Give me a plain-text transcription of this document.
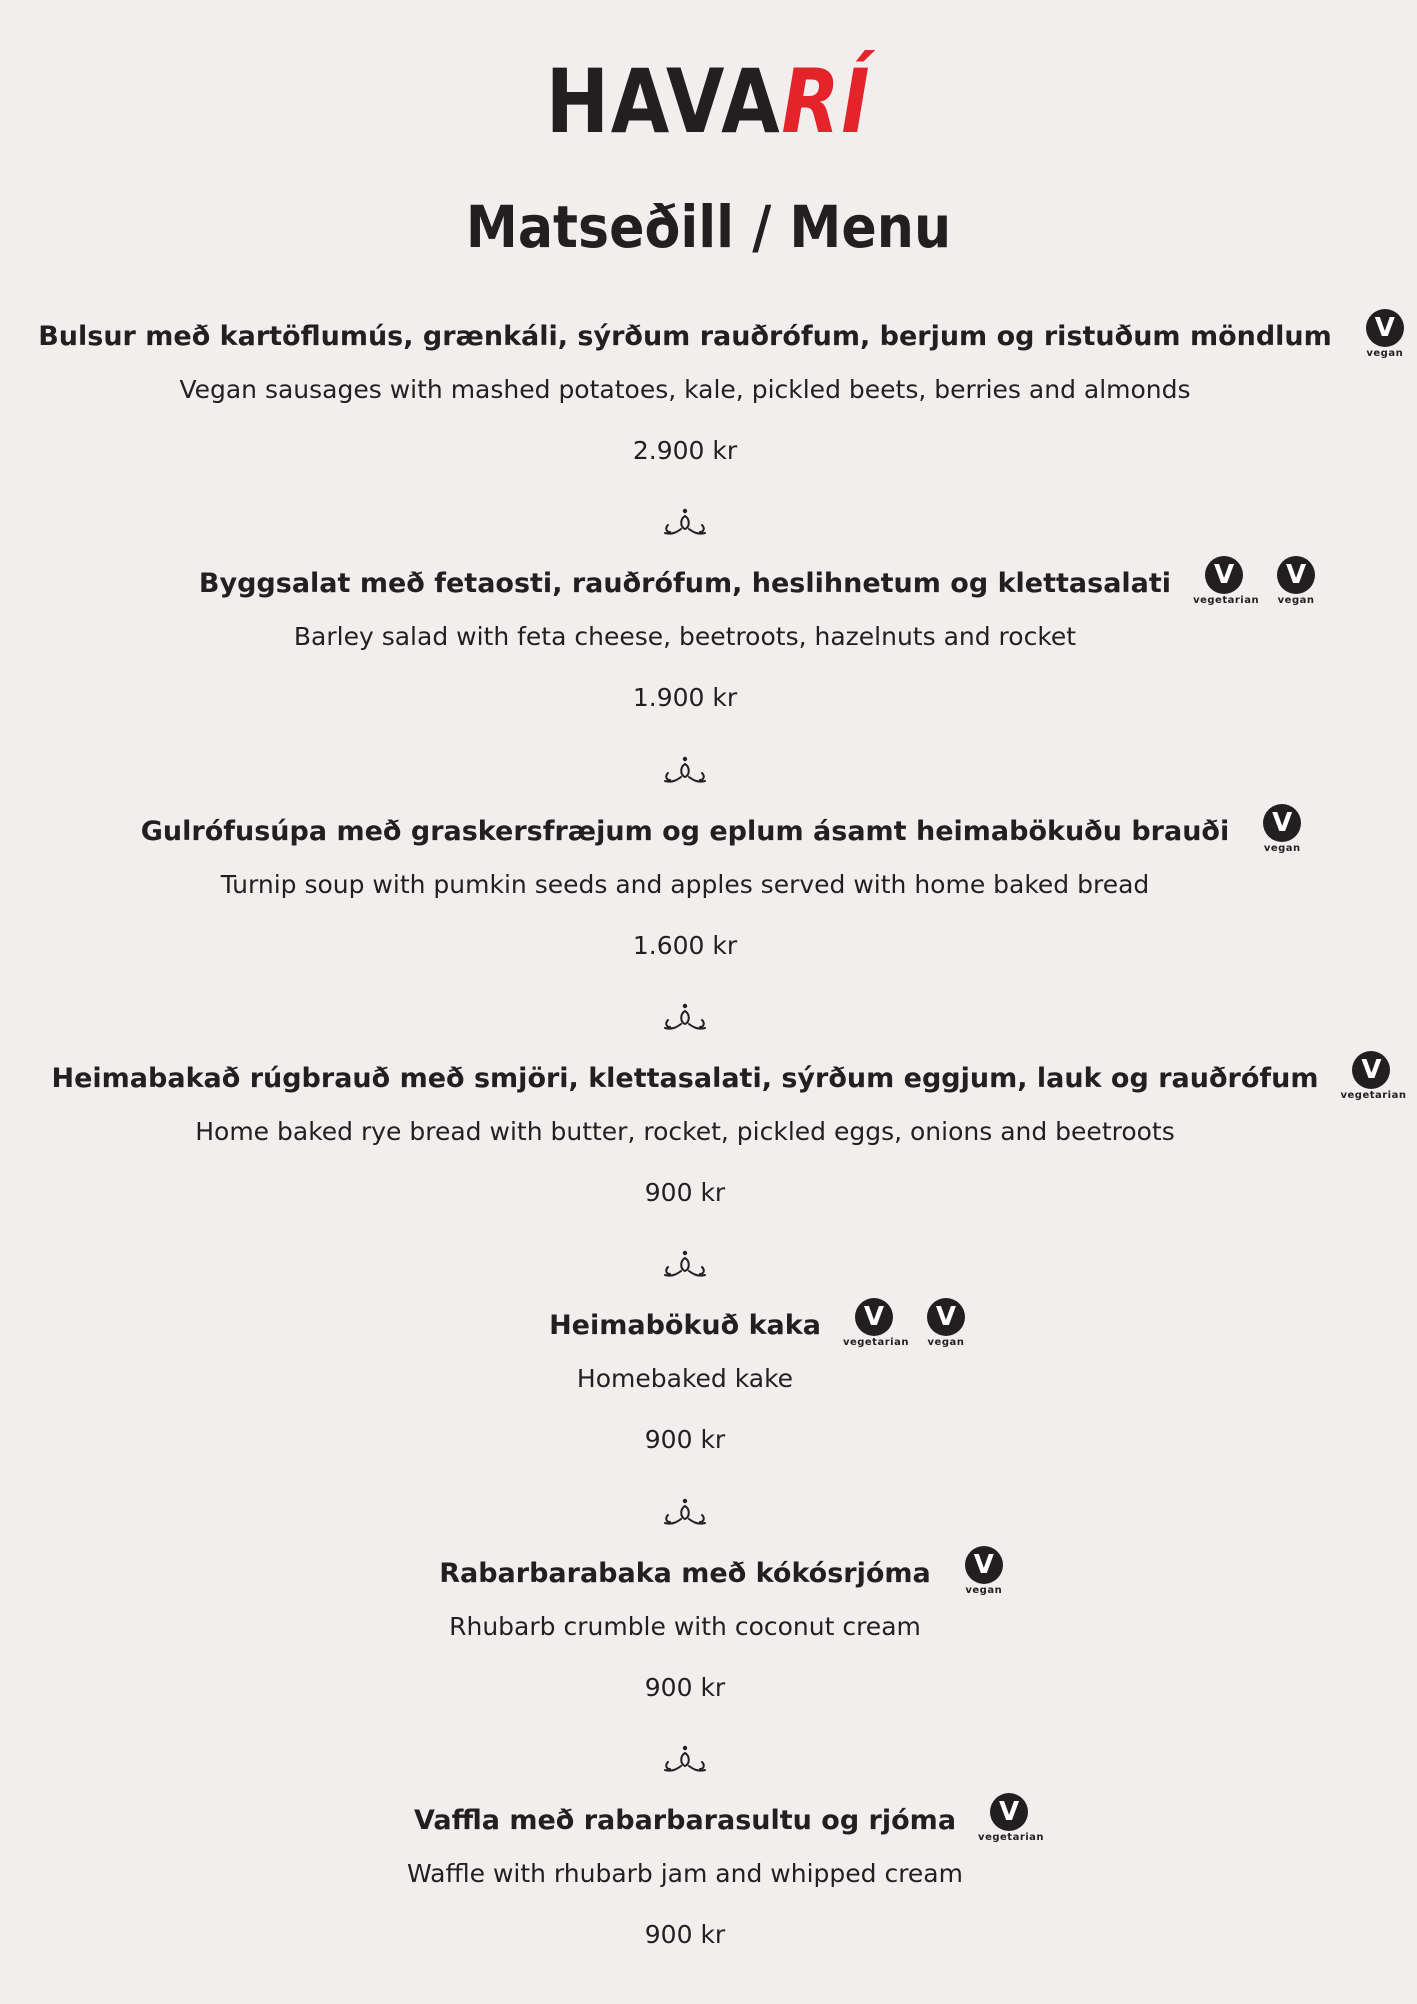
HAVARÍ
Matseðill / Menu
Bulsur með kartöflumús, grænkáli, sýrðum rauðrófum, berjum og ristuðum möndlum	V
vegan
Vegan sausages with mashed potatoes, kale, pickled beets, berries and almonds
2.900 kr
Byggsalat með fetaosti, rauðrófum, heslihnetum og klettasalati	V
vegetarian
V
vegan
Barley salad with feta cheese, beetroots, hazelnuts and rocket
1.900 kr
Gulrófusúpa með graskersfræjum og eplum ásamt heimabökuðu brauði	V
vegan
Turnip soup with pumkin seeds and apples served with home baked bread
1.600 kr
Heimabakað rúgbrauð með smjöri, klettasalati, sýrðum eggjum, lauk og rauðrófum	V
vegetarian
Home baked rye bread with butter, rocket, pickled eggs, onions and beetroots
900 kr
Heimabökuð kaka	V
vegetarian
V
vegan
Homebaked kake
900 kr
Rabarbarabaka með kókósrjóma	V
vegan
Rhubarb crumble with coconut cream
900 kr
Vaffla með rabarbarasultu og rjóma	V
vegetarian
Waffle with rhubarb jam and whipped cream
900 kr
